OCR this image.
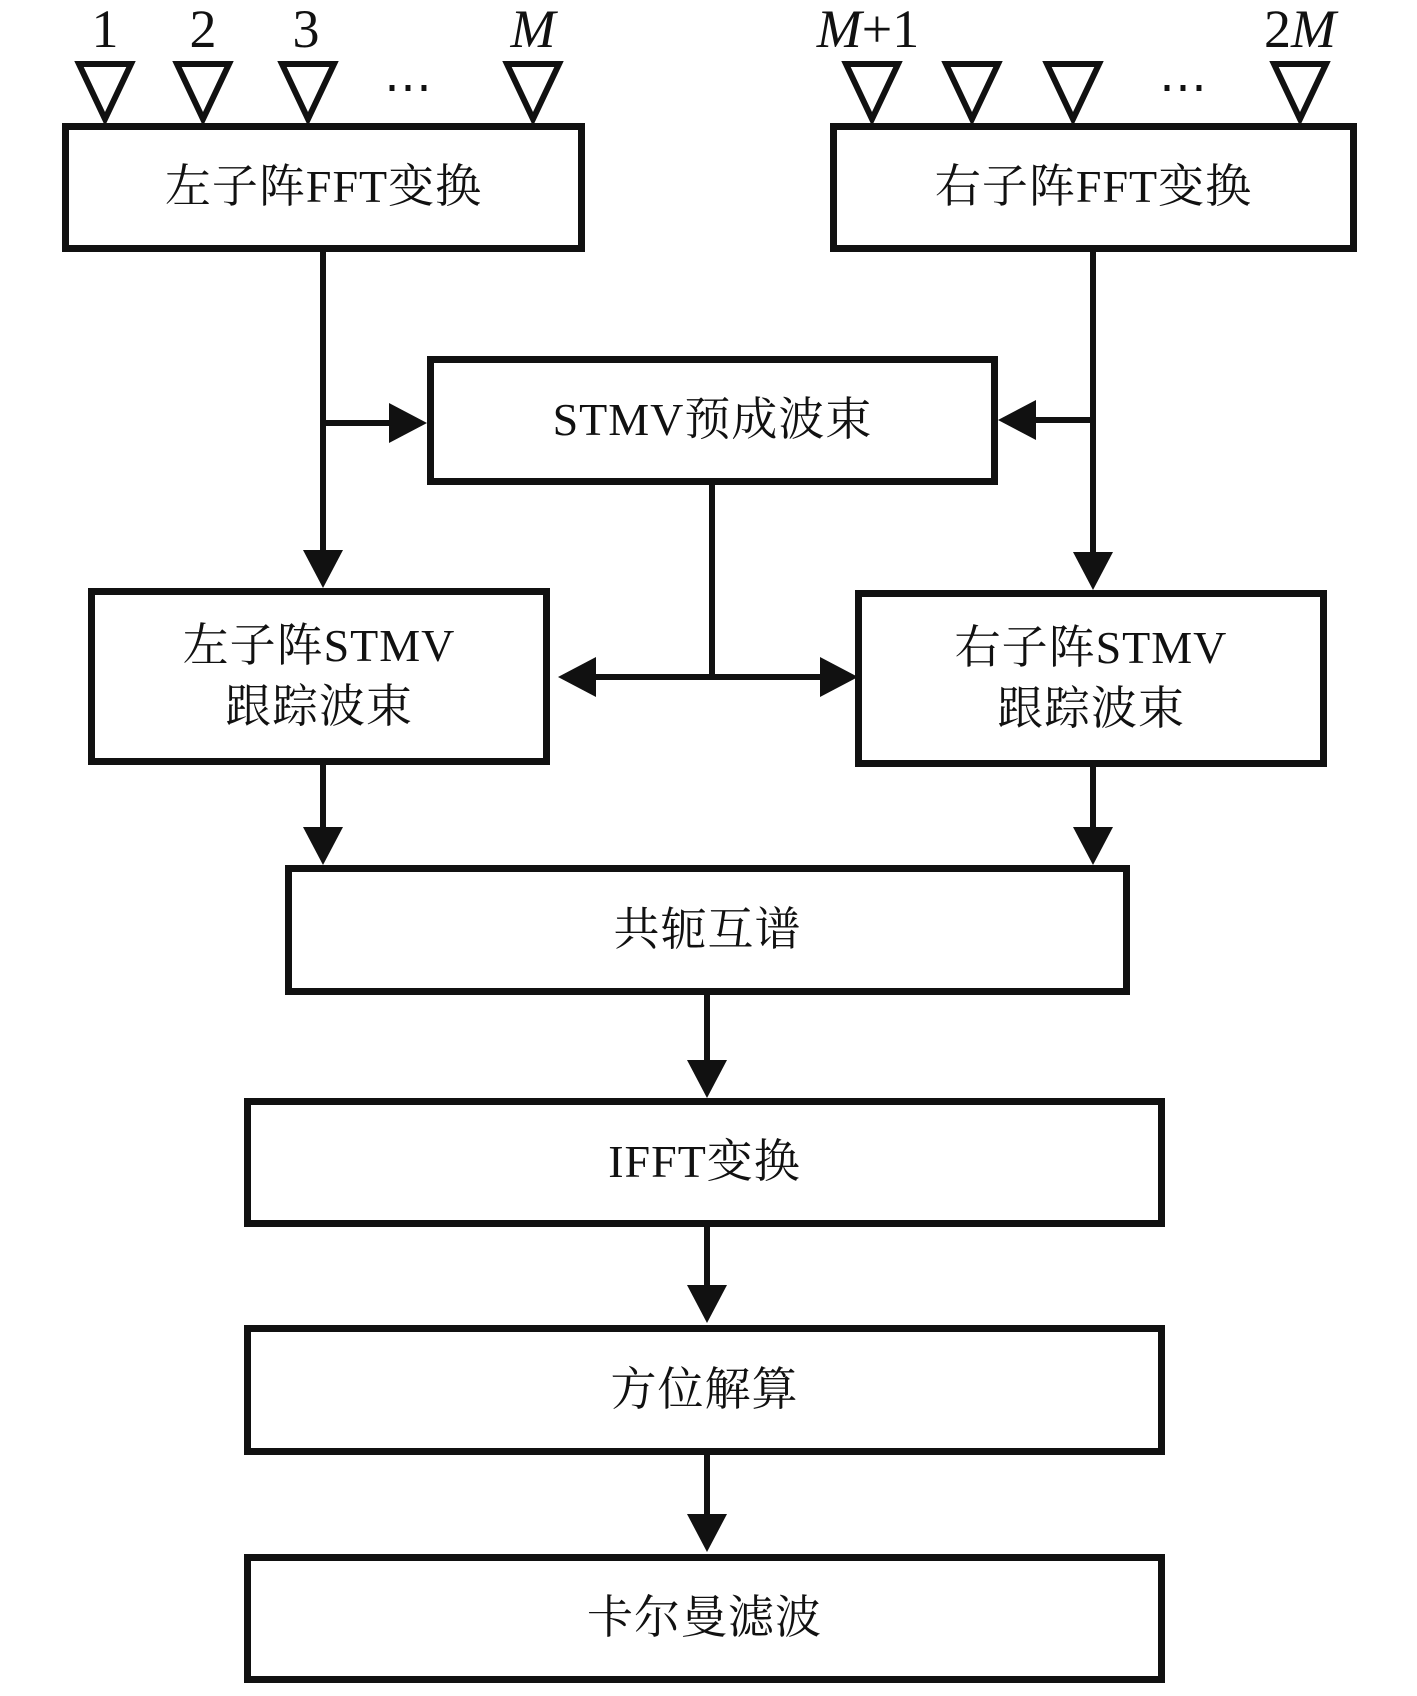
1 2 3	M	M+1	2M
⋯	⋯
左子阵FFT变换	右子阵FFT变换
STMV预成波束
左子阵STMV
跟踪波束
右子阵STMV
跟踪波束
共轭互谱
IFFT变换
方位解算
卡尔曼滤波
